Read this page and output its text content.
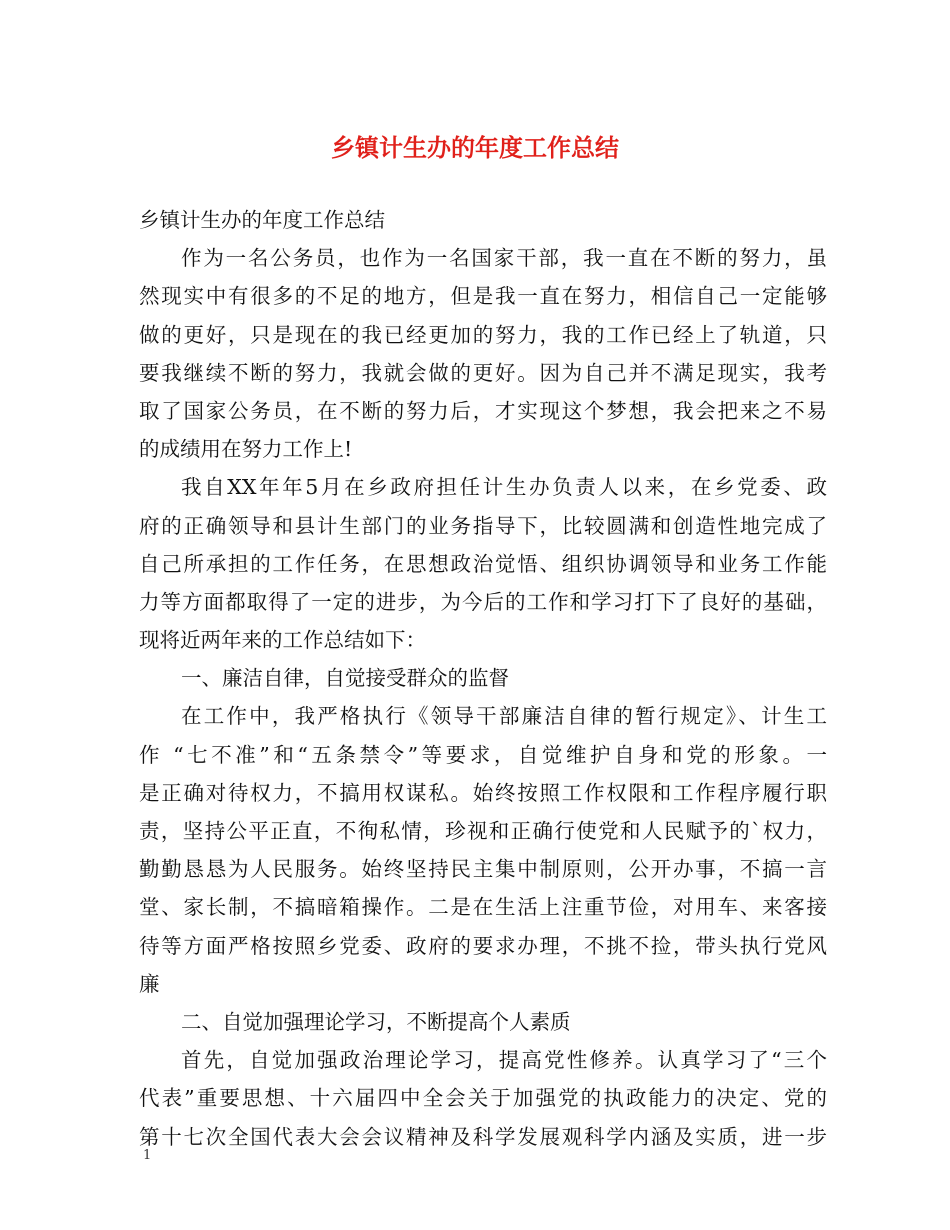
乡镇计生办的年度工作总结
乡镇计生办的年度工作总结
作为一名公务员，也作为一名国家干部，我一直在不断的努力，虽
然现实中有很多的不足的地方，但是我一直在努力，相信自己一定能够
做的更好，只是现在的我已经更加的努力，我的工作已经上了轨道，只
要我继续不断的努力，我就会做的更好。因为自己并不满足现实，我考
取了国家公务员，在不断的努力后，才实现这个梦想，我会把来之不易
的成绩用在努力工作上!
我自XX年年5月在乡政府担任计生办负责人以来，在乡党委、政
府的正确领导和县计生部门的业务指导下，比较圆满和创造性地完成了
自己所承担的工作任务，在思想政治觉悟、组织协调领导和业务工作能
力等方面都取得了一定的进步，为今后的工作和学习打下了良好的基础，
现将近两年来的工作总结如下：
一、廉洁自律，自觉接受群众的监督
在工作中，我严格执行《领导干部廉洁自律的暂行规定》、计生工
作 “七不准”和“五条禁令”等要求，自觉维护自身和党的形象。一
是正确对待权力，不搞用权谋私。始终按照工作权限和工作程序履行职
责，坚持公平正直，不徇私情，珍视和正确行使党和人民赋予的`权力，
勤勤恳恳为人民服务。始终坚持民主集中制原则，公开办事，不搞一言
堂、家长制，不搞暗箱操作。二是在生活上注重节俭，对用车、来客接
待等方面严格按照乡党委、政府的要求办理，不挑不捡，带头执行党风
廉
二、自觉加强理论学习，不断提高个人素质
首先，自觉加强政治理论学习，提高党性修养。认真学习了“三个
代表”重要思想、十六届四中全会关于加强党的执政能力的决定、党的
第十七次全国代表大会会议精神及科学发展观科学内涵及实质，进一步
1
